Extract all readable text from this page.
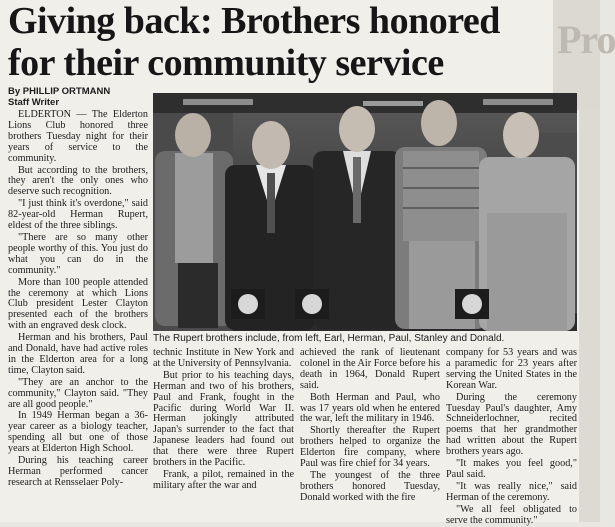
Pro
Giving back: Brothers honored
for their community service
By PHILLIP ORTMANN
Staff Writer

ELDERTON — The Elderton Lions Club honored three brothers Tuesday night for their years of service to the community.

But according to the brothers, they aren't the only ones who deserve such recognition.

"I just think it's overdone," said 82-year-old Herman Rupert, eldest of the three siblings.

"There are so many other people worthy of this. You just do what you can do in the community."

More than 100 people attended the ceremony at which Lions Club president Lester Clayton presented each of the brothers with an engraved desk clock.

Herman and his brothers, Paul and Donald, have had active roles in the Elderton area for a long time, Clayton said.

"They are an anchor to the community," Clayton said. "They are all good people."

In 1949 Herman began a 36-year career as a biology teacher, spending all but one of those years at Elderton High School.

During his teaching career Herman performed cancer research at Rensselaer Poly-

The Rupert brothers include, from left, Earl, Herman, Paul, Stanley and Donald.

technic Institute in New York and at the University of Pennsylvania.

But prior to his teaching days, Herman and two of his brothers, Paul and Frank, fought in the Pacific during World War II. Herman jokingly attributed Japan's surrender to the fact that Japanese leaders had found out that there were three Rupert brothers in the Pacific.

Frank, a pilot, remained in the military after the war and

achieved the rank of lieutenant colonel in the Air Force before his death in 1964, Donald Rupert said.

Both Herman and Paul, who was 17 years old when he entered the war, left the military in 1946.

Shortly thereafter the Rupert brothers helped to organize the Elderton fire company, where Paul was fire chief for 34 years.

The youngest of the three brothers honored Tuesday, Donald worked with the fire

company for 53 years and was a paramedic for 23 years after serving the United States in the Korean War.

During the ceremony Tuesday Paul's daughter, Amy Schneiderlochner, recited poems that her grandmother had written about the Rupert brothers years ago.

"It makes you feel good," Paul said.

"It was really nice," said Herman of the ceremony.

"We all feel obligated to serve the community."
